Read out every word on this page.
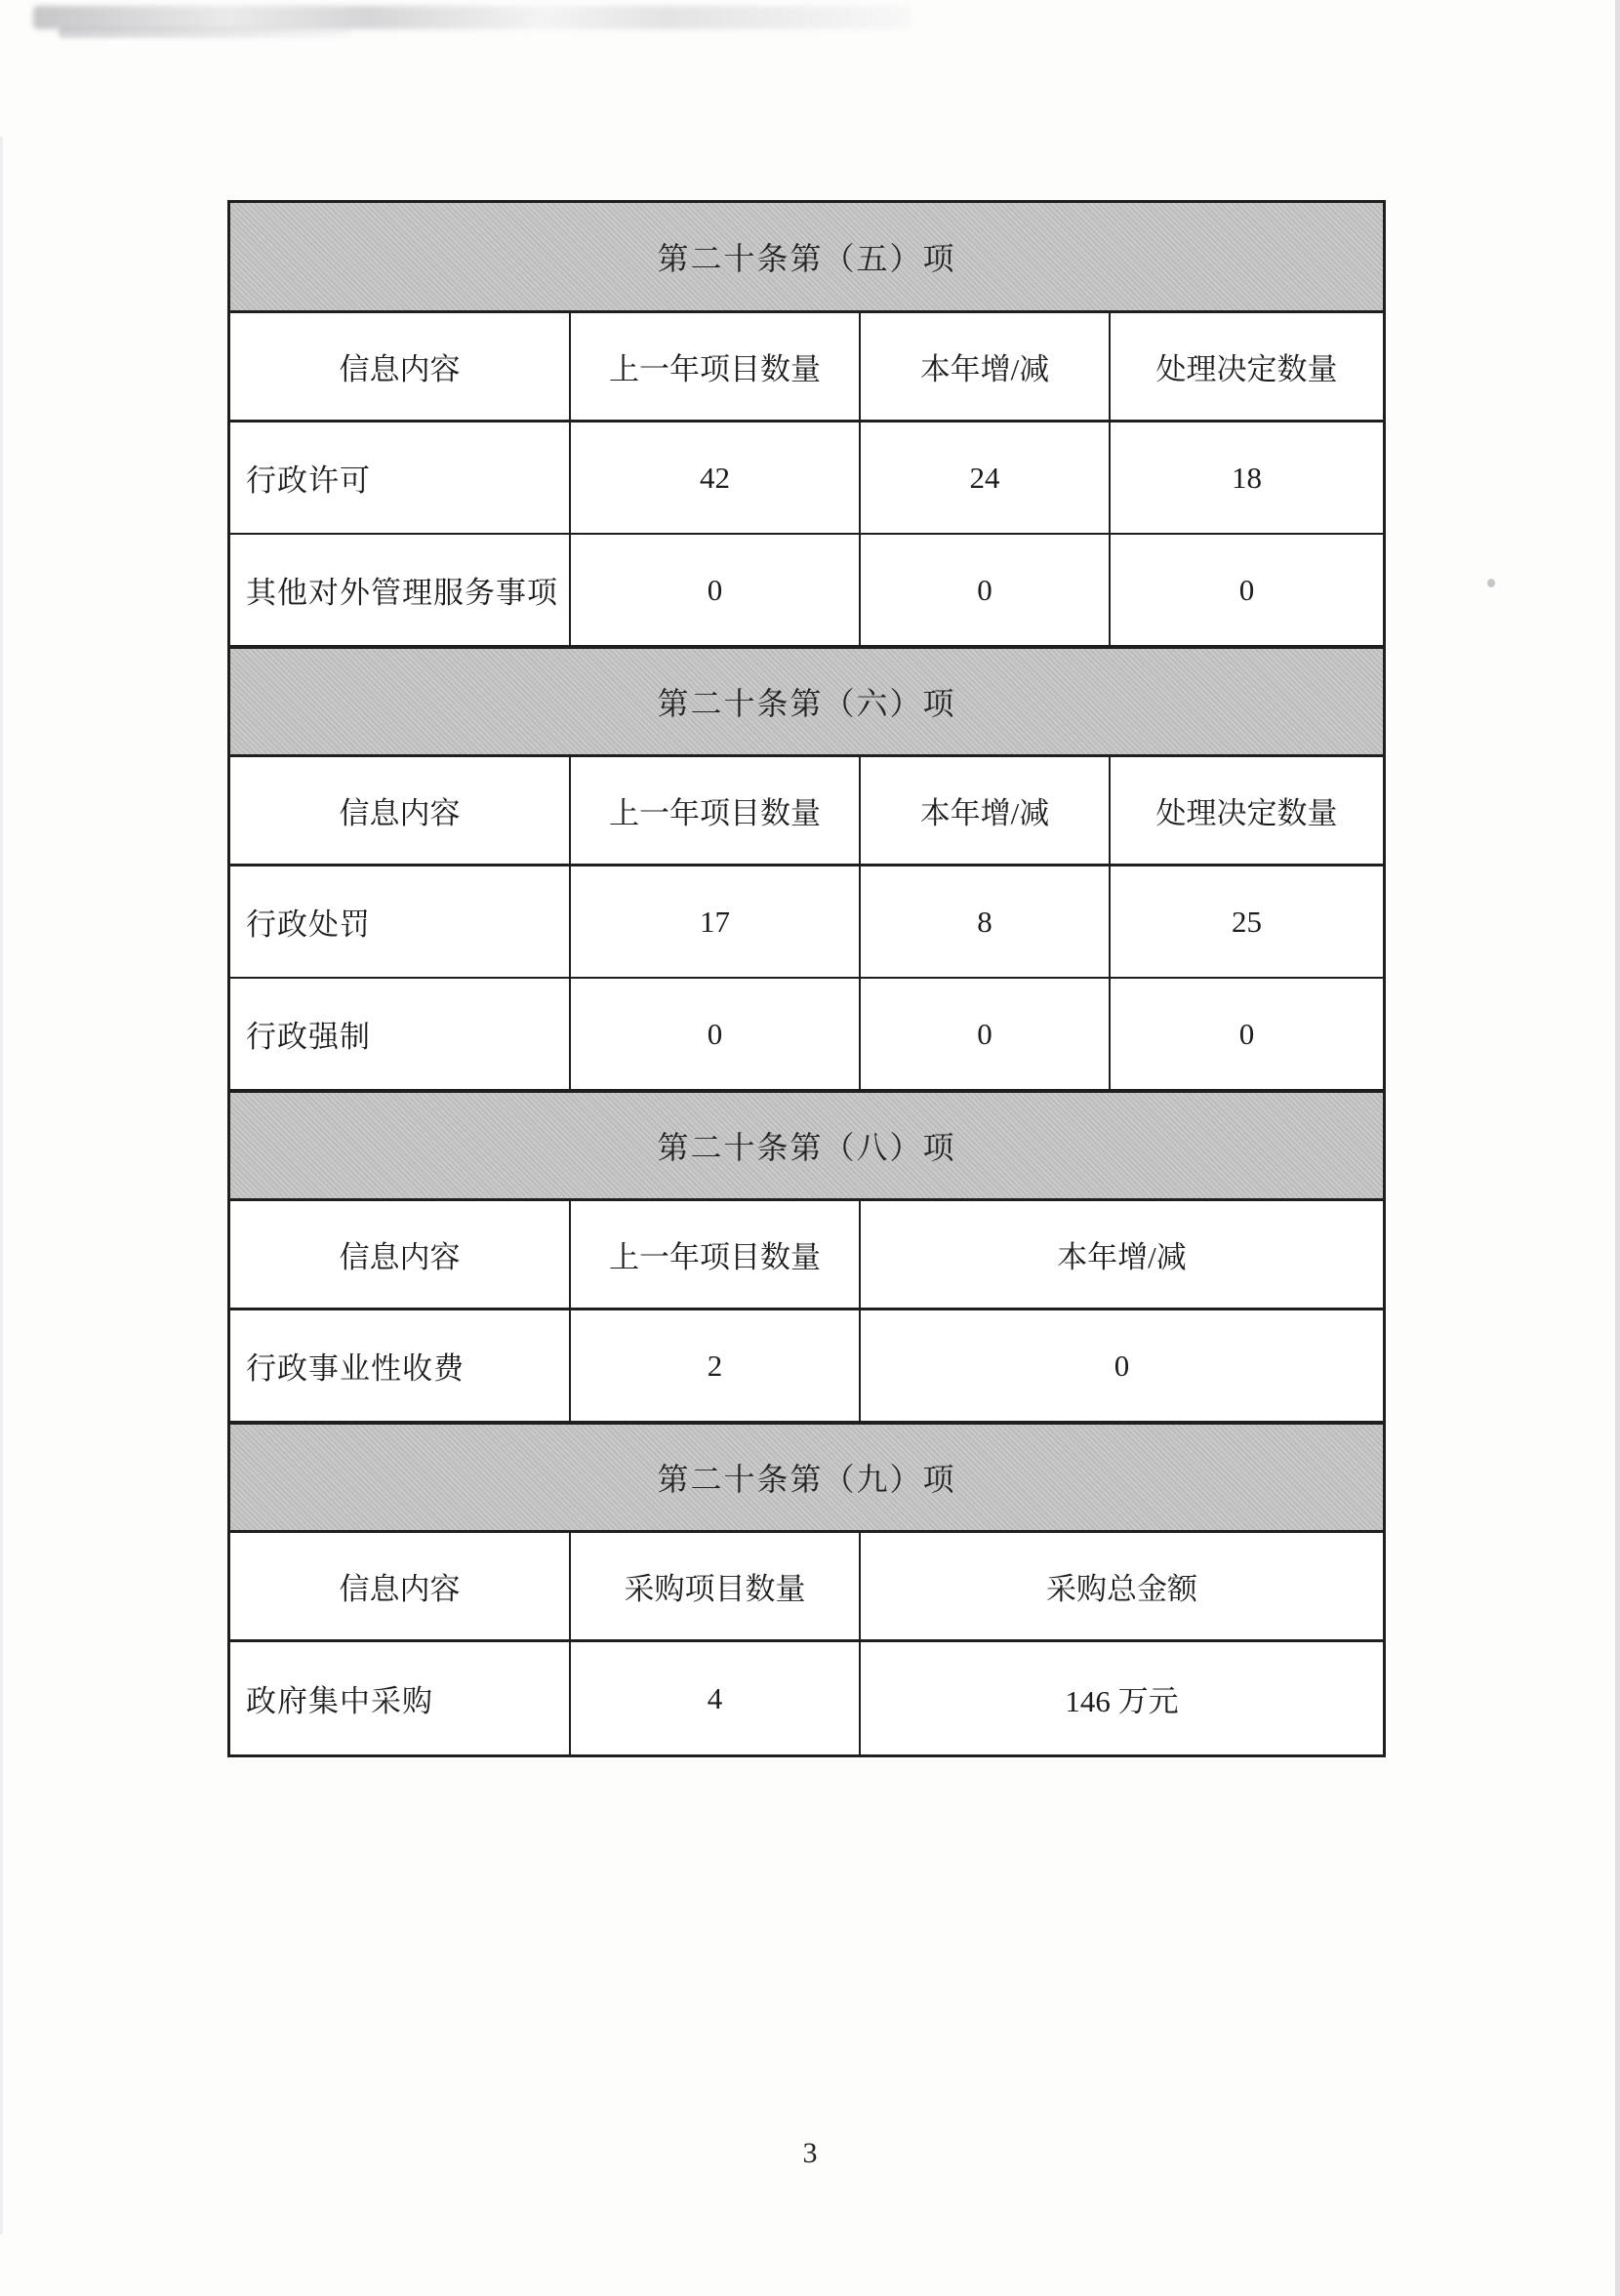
第二十条第（五）项
信息内容	上一年项目数量	本年增/减	处理决定数量
行政许可	42	24	18
其他对外管理服务事项	0	0	0
第二十条第（六）项
信息内容	上一年项目数量	本年增/减	处理决定数量
行政处罚	17	8	25
行政强制	0	0	0
第二十条第（八）项
信息内容	上一年项目数量	本年增/减
行政事业性收费	2	0
第二十条第（九）项
信息内容	采购项目数量	采购总金额
政府集中采购	4	146 万元
3
